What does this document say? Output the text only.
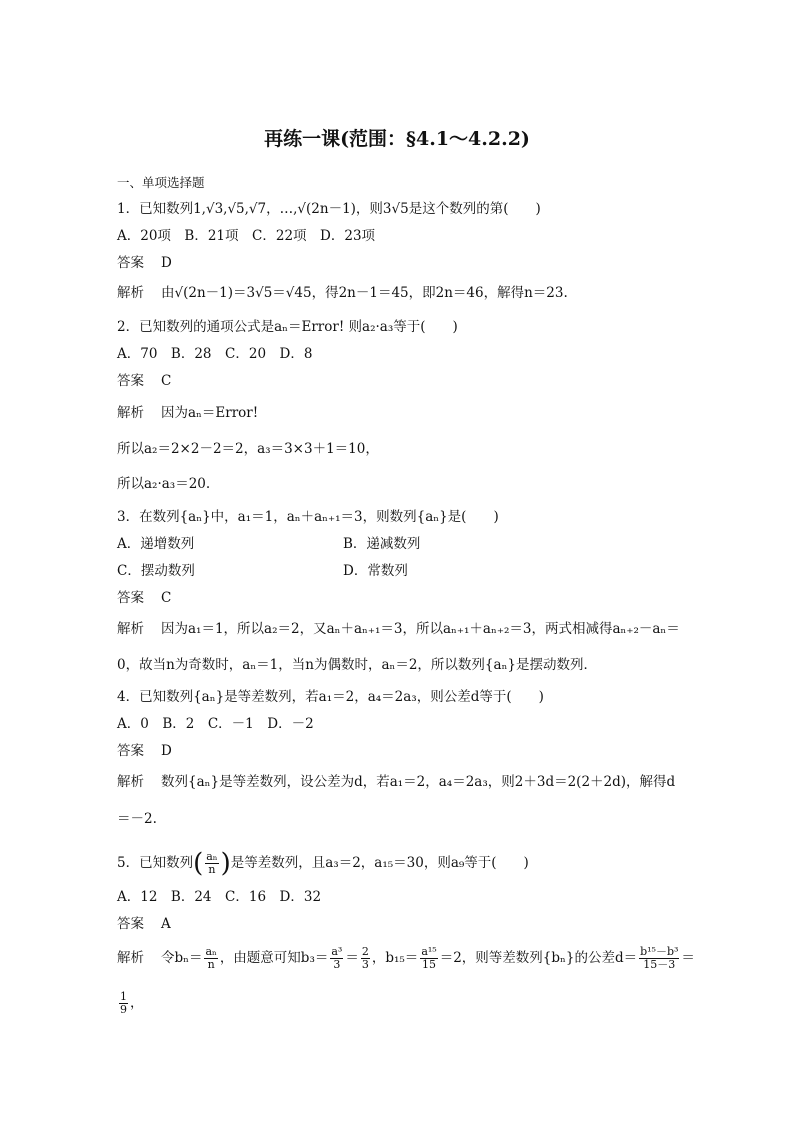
再练一课(范围：§4.1～4.2.2)
一、单项选择题
1．已知数列1,√3,√5,√7，…,√(2n－1)，则3√5是这个数列的第(　　)
A．20项　B．21项　C．22项　D．23项
答案 D
解析 由√(2n－1)＝3√5＝√45，得2n－1＝45，即2n＝46，解得n＝23.
2．已知数列的通项公式是aₙ＝Error! 则a₂·a₃等于(　　)
A．70　B．28　C．20　D．8
答案 C
解析 因为aₙ＝Error!
所以a₂＝2×2－2＝2，a₃＝3×3＋1＝10，
所以a₂·a₃＝20.
3．在数列{aₙ}中，a₁＝1，aₙ＋aₙ₊₁＝3，则数列{aₙ}是(　　)
A．递增数列	B．递减数列
C．摆动数列	D．常数列
答案 C
解析 因为a₁＝1，所以a₂＝2，又aₙ＋aₙ₊₁＝3，所以aₙ₊₁＋aₙ₊₂＝3，两式相减得aₙ₊₂－aₙ＝
0，故当n为奇数时，aₙ＝1，当n为偶数时，aₙ＝2，所以数列{aₙ}是摆动数列．
4．已知数列{aₙ}是等差数列，若a₁＝2，a₄＝2a₃，则公差d等于(　　)
A．0　B．2　C．－1　D．－2
答案 D
解析 数列{aₙ}是等差数列，设公差为d，若a₁＝2，a₄＝2a₃，则2＋3d＝2(2＋2d)，解得d
＝－2.
5．已知数列( $\frac{\text{aₙ}}{n}$ )是等差数列，且a₃＝2，a₁₅＝30，则a₉等于(　　)
A．12　B．24　C．16　D．32
答案 A
解析 令$b_n= \frac{\text{aₙ}}{n}$ ，由题意可知$b_3= \frac{\text{a³}}{3} = \frac{2}{3}$ ，$b_{15}= \frac{\text{a¹⁵}}{15} =2$，则等差数列{bₙ}的公差$d= \frac{\text{b¹⁵－b³}}{15-3}$ ＝
$\frac{1}{9}$ ，
